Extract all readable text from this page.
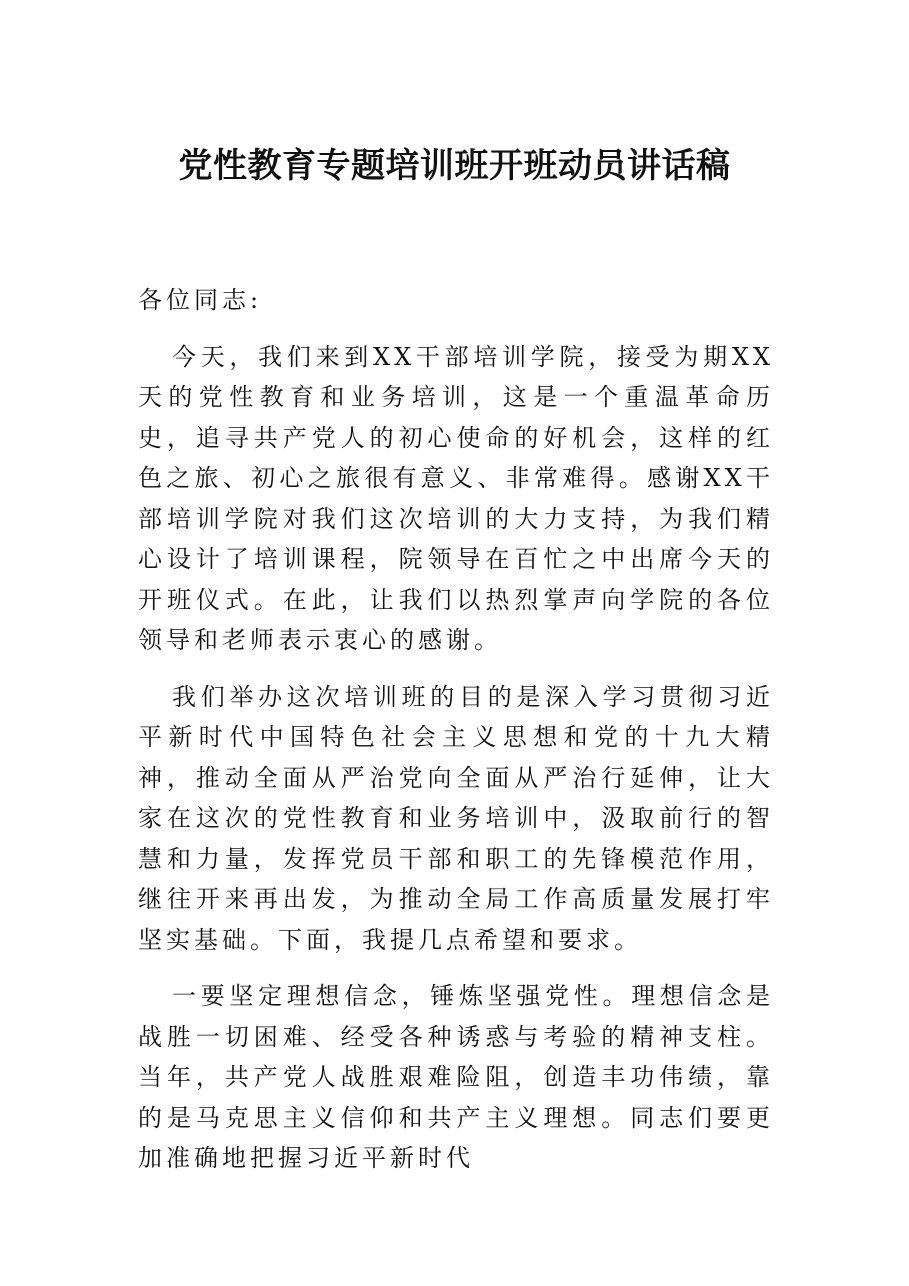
党性教育专题培训班开班动员讲话稿

各位同志:

今天，我们来到XX干部培训学院，接受为期XX天的党性教育和业务培训，这是一个重温革命历史，追寻共产党人的初心使命的好机会，这样的红色之旅、初心之旅很有意义、非常难得。感谢XX干部培训学院对我们这次培训的大力支持，为我们精心设计了培训课程，院领导在百忙之中出席今天的开班仪式。在此，让我们以热烈掌声向学院的各位领导和老师表示衷心的感谢。

我们举办这次培训班的目的是深入学习贯彻习近平新时代中国特色社会主义思想和党的十九大精神，推动全面从严治党向全面从严治行延伸，让大家在这次的党性教育和业务培训中，汲取前行的智慧和力量，发挥党员干部和职工的先锋模范作用，继往开来再出发，为推动全局工作高质量发展打牢坚实基础。下面，我提几点希望和要求。

一要坚定理想信念，锤炼坚强党性。理想信念是战胜一切困难、经受各种诱惑与考验的精神支柱。当年，共产党人战胜艰难险阻，创造丰功伟绩，靠的是马克思主义信仰和共产主义理想。同志们要更加准确地把握习近平新时代
